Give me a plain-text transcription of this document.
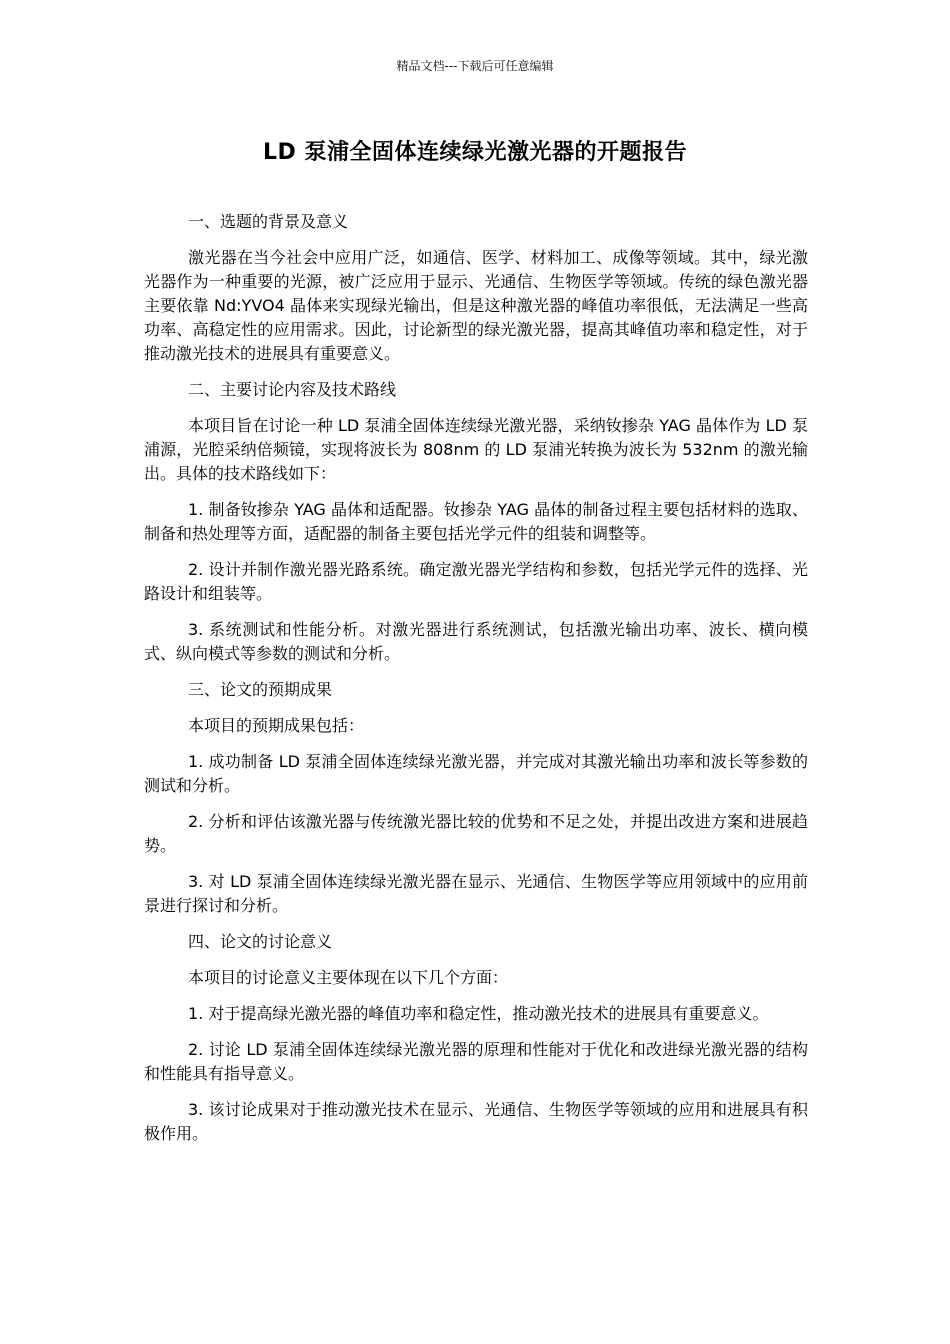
精品文档---下载后可任意编辑
LD 泵浦全固体连续绿光激光器的开题报告

一、选题的背景及意义

激光器在当今社会中应用广泛，如通信、医学、材料加工、成像等领域。其中，绿光激光器作为一种重要的光源，被广泛应用于显示、光通信、生物医学等领域。传统的绿色激光器主要依靠 Nd:YVO4 晶体来实现绿光输出，但是这种激光器的峰值功率很低，无法满足一些高功率、高稳定性的应用需求。因此，讨论新型的绿光激光器，提高其峰值功率和稳定性，对于推动激光技术的进展具有重要意义。

二、主要讨论内容及技术路线

本项目旨在讨论一种 LD 泵浦全固体连续绿光激光器，采纳钕掺杂 YAG 晶体作为 LD 泵浦源，光腔采纳倍频镜，实现将波长为 808nm 的 LD 泵浦光转换为波长为 532nm 的激光输出。具体的技术路线如下：

1. 制备钕掺杂 YAG 晶体和适配器。钕掺杂 YAG 晶体的制备过程主要包括材料的选取、制备和热处理等方面，适配器的制备主要包括光学元件的组装和调整等。

2. 设计并制作激光器光路系统。确定激光器光学结构和参数，包括光学元件的选择、光路设计和组装等。

3. 系统测试和性能分析。对激光器进行系统测试，包括激光输出功率、波长、横向模式、纵向模式等参数的测试和分析。

三、论文的预期成果

本项目的预期成果包括：

1. 成功制备 LD 泵浦全固体连续绿光激光器，并完成对其激光输出功率和波长等参数的测试和分析。

2. 分析和评估该激光器与传统激光器比较的优势和不足之处，并提出改进方案和进展趋势。

3. 对 LD 泵浦全固体连续绿光激光器在显示、光通信、生物医学等应用领域中的应用前景进行探讨和分析。

四、论文的讨论意义

本项目的讨论意义主要体现在以下几个方面：

1. 对于提高绿光激光器的峰值功率和稳定性，推动激光技术的进展具有重要意义。

2. 讨论 LD 泵浦全固体连续绿光激光器的原理和性能对于优化和改进绿光激光器的结构和性能具有指导意义。

3. 该讨论成果对于推动激光技术在显示、光通信、生物医学等领域的应用和进展具有积极作用。
